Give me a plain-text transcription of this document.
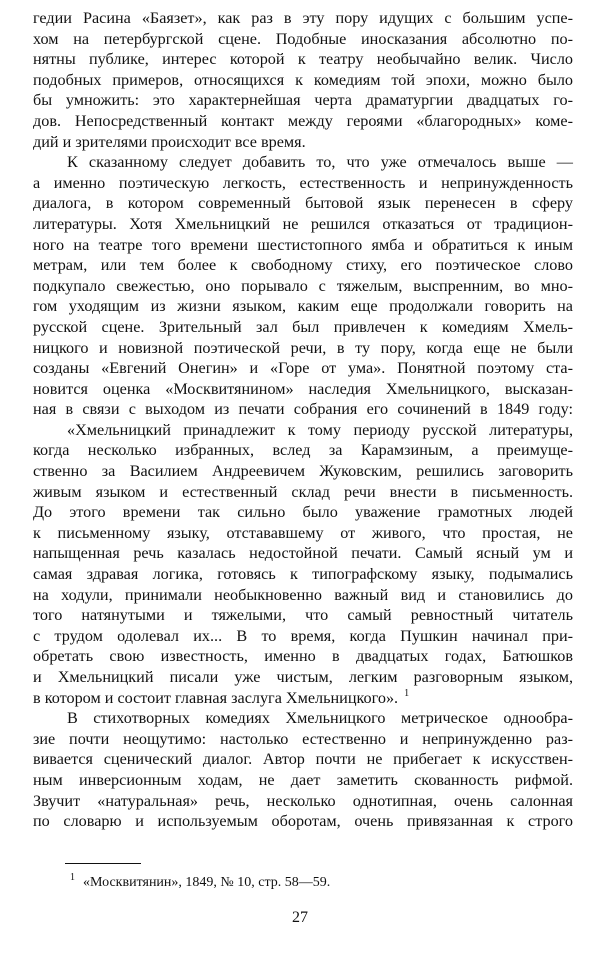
гедии Расина «Баязет», как раз в эту пору идущих с большим успе-
хом на петербургской сцене. Подобные иносказания абсолютно по-
нятны публике, интерес которой к театру необычайно велик. Число
подобных примеров, относящихся к комедиям той эпохи, можно было
бы умножить: это характернейшая черта драматургии двадцатых го-
дов. Непосредственный контакт между героями «благородных» коме-
дий и зрителями происходит все время.
К сказанному следует добавить то, что уже отмечалось выше —
а именно поэтическую легкость, естественность и непринужденность
диалога, в котором современный бытовой язык перенесен в сферу
литературы. Хотя Хмельницкий не решился отказаться от традицион-
ного на театре того времени шестистопного ямба и обратиться к иным
метрам, или тем более к свободному стиху, его поэтическое слово
подкупало свежестью, оно порывало с тяжелым, выспренним, во мно-
гом уходящим из жизни языком, каким еще продолжали говорить на
русской сцене. Зрительный зал был привлечен к комедиям Хмель-
ницкого и новизной поэтической речи, в ту пору, когда еще не были
созданы «Евгений Онегин» и «Горе от ума». Понятной поэтому ста-
новится оценка «Москвитянином» наследия Хмельницкого, высказан-
ная в связи с выходом из печати собрания его сочинений в 1849 году:
«Хмельницкий принадлежит к тому периоду русской литературы,
когда несколько избранных, вслед за Карамзиным, а преимуще-
ственно за Василием Андреевичем Жуковским, решились заговорить
живым языком и естественный склад речи внести в письменность.
До этого времени так сильно было уважение грамотных людей
к письменному языку, отстававшему от живого, что простая, не
напыщенная речь казалась недостойной печати. Самый ясный ум и
самая здравая логика, готовясь к типографскому языку, подымались
на ходули, принимали необыкновенно важный вид и становились до
того натянутыми и тяжелыми, что самый ревностный читатель
с трудом одолевал их... В то время, когда Пушкин начинал при-
обретать свою известность, именно в двадцатых годах, Батюшков
и Хмельницкий писали уже чистым, легким разговорным языком,
в котором и состоит главная заслуга Хмельницкого». $^1$
В стихотворных комедиях Хмельницкого метрическое однообра-
зие почти неощутимо: настолько естественно и непринужденно раз-
вивается сценический диалог. Автор почти не прибегает к искусствен-
ным инверсионным ходам, не дает заметить скованность рифмой.
Звучит «натуральная» речь, несколько однотипная, очень салонная
по словарю и используемым оборотам, очень привязанная к строго
$^1$ «Москвитянин», 1849, № 10, стр. 58—59.
27
